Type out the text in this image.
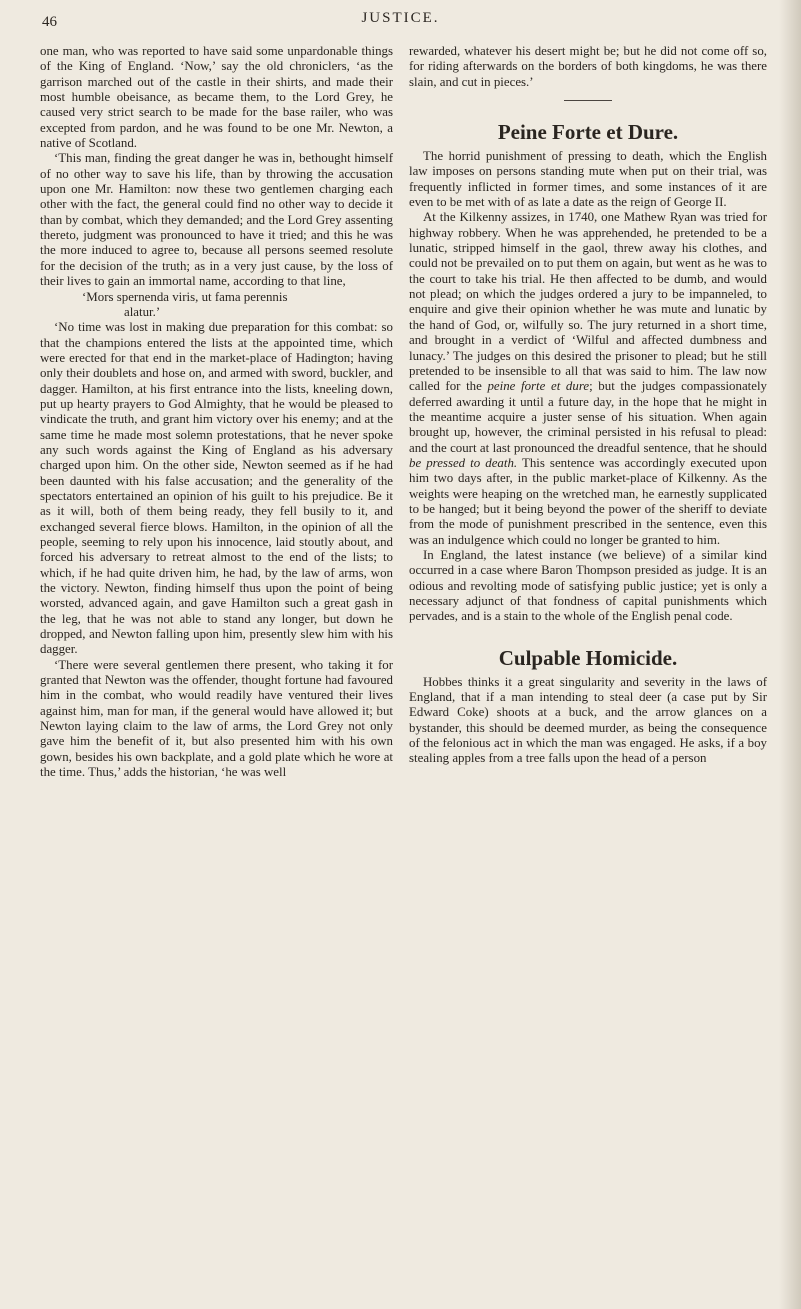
46	JUSTICE.

one man, who was reported to have said some unpardonable things of the King of England. ‘Now,’ say the old chroniclers, ‘as the garrison marched out of the castle in their shirts, and made their most humble obeisance, as became them, to the Lord Grey, he caused very strict search to be made for the base railer, who was excepted from pardon, and he was found to be one Mr. Newton, a native of Scotland.

‘This man, finding the great danger he was in, bethought himself of no other way to save his life, than by throwing the accusation upon one Mr. Hamilton: now these two gentlemen charging each other with the fact, the general could find no other way to decide it than by combat, which they demanded; and the Lord Grey assenting thereto, judgment was pronounced to have it tried; and this he was the more induced to agree to, because all persons seemed resolute for the decision of the truth; as in a very just cause, by the loss of their lives to gain an immortal name, according to that line,

‘Mors spernenda viris, ut fama perennis
alatur.’

‘No time was lost in making due preparation for this combat: so that the champions entered the lists at the appointed time, which were erected for that end in the market-place of Hadington; having only their doublets and hose on, and armed with sword, buckler, and dagger. Hamilton, at his first entrance into the lists, kneeling down, put up hearty prayers to God Almighty, that he would be pleased to vindicate the truth, and grant him victory over his enemy; and at the same time he made most solemn protestations, that he never spoke any such words against the King of England as his adversary charged upon him. On the other side, Newton seemed as if he had been daunted with his false accusation; and the generality of the spectators entertained an opinion of his guilt to his prejudice. Be it as it will, both of them being ready, they fell busily to it, and exchanged several fierce blows. Hamilton, in the opinion of all the people, seeming to rely upon his innocence, laid stoutly about, and forced his adversary to retreat almost to the end of the lists; to which, if he had quite driven him, he had, by the law of arms, won the victory. Newton, finding himself thus upon the point of being worsted, advanced again, and gave Hamilton such a great gash in the leg, that he was not able to stand any longer, but down he dropped, and Newton falling upon him, presently slew him with his dagger.

‘There were several gentlemen there present, who taking it for granted that Newton was the offender, thought fortune had favoured him in the combat, who would readily have ventured their lives against him, man for man, if the general would have allowed it; but Newton laying claim to the law of arms, the Lord Grey not only gave him the benefit of it, but also presented him with his own gown, besides his own backplate, and a gold plate which he wore at the time. Thus,’ adds the historian, ‘he was well

rewarded, whatever his desert might be; but he did not come off so, for riding afterwards on the borders of both kingdoms, he was there slain, and cut in pieces.’

Peine Forte et Dure.

The horrid punishment of pressing to death, which the English law imposes on persons standing mute when put on their trial, was frequently inflicted in former times, and some instances of it are even to be met with of as late a date as the reign of George II.

At the Kilkenny assizes, in 1740, one Mathew Ryan was tried for highway robbery. When he was apprehended, he pretended to be a lunatic, stripped himself in the gaol, threw away his clothes, and could not be prevailed on to put them on again, but went as he was to the court to take his trial. He then affected to be dumb, and would not plead; on which the judges ordered a jury to be impanneled, to enquire and give their opinion whether he was mute and lunatic by the hand of God, or, wilfully so. The jury returned in a short time, and brought in a verdict of ‘Wilful and affected dumbness and lunacy.’ The judges on this desired the prisoner to plead; but he still pretended to be insensible to all that was said to him. The law now called for the peine forte et dure; but the judges compassionately deferred awarding it until a future day, in the hope that he might in the meantime acquire a juster sense of his situation. When again brought up, however, the criminal persisted in his refusal to plead: and the court at last pronounced the dreadful sentence, that he should be pressed to death. This sentence was accordingly executed upon him two days after, in the public market-place of Kilkenny. As the weights were heaping on the wretched man, he earnestly supplicated to be hanged; but it being beyond the power of the sheriff to deviate from the mode of punishment prescribed in the sentence, even this was an indulgence which could no longer be granted to him.

In England, the latest instance (we believe) of a similar kind occurred in a case where Baron Thompson presided as judge. It is an odious and revolting mode of satisfying public justice; yet is only a necessary adjunct of that fondness of capital punishments which pervades, and is a stain to the whole of the English penal code.

Culpable Homicide.

Hobbes thinks it a great singularity and severity in the laws of England, that if a man intending to steal deer (a case put by Sir Edward Coke) shoots at a buck, and the arrow glances on a bystander, this should be deemed murder, as being the consequence of the felonious act in which the man was engaged. He asks, if a boy stealing apples from a tree falls upon the head of a person
